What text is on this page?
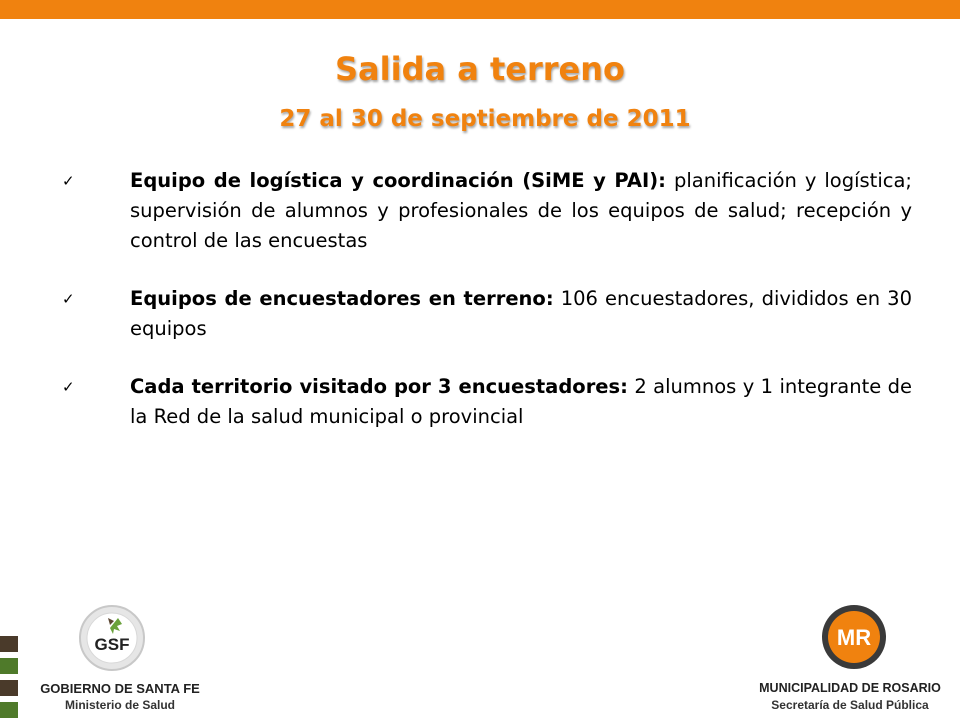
Salida a terreno
27 al 30 de septiembre de 2011
✓	Equipo de logística y coordinación (SiME y PAI): planificación y logística; supervisión de alumnos y profesionales de los equipos de salud; recepción y control de las encuestas
✓	Equipos de encuestadores en terreno: 106 encuestadores, divididos en 30 equipos
✓	Cada territorio visitado por 3 encuestadores: 2 alumnos y 1 integrante de la Red de la salud municipal o provincial
GSF
GOBIERNO DE SANTA FE
Ministerio de Salud
MR
MUNICIPALIDAD DE ROSARIO
Secretaría de Salud Pública
